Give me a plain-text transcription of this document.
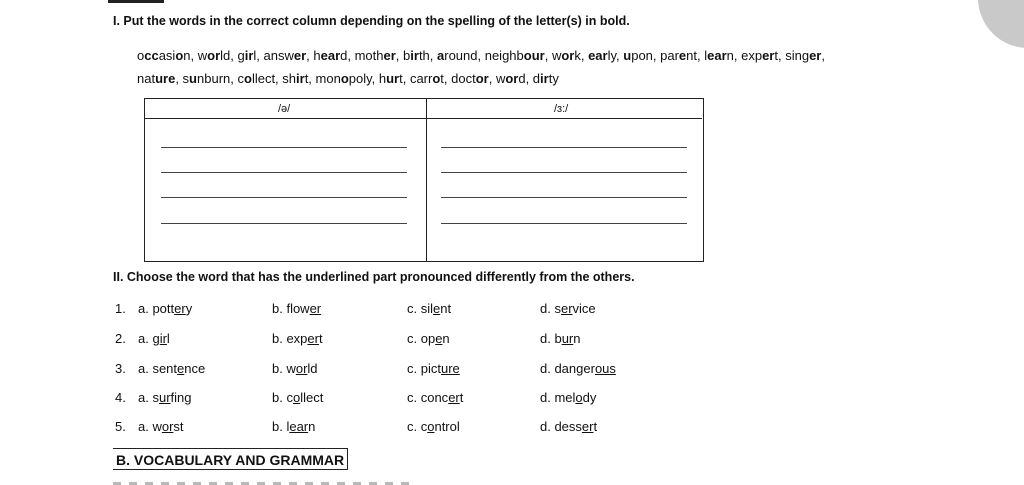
I. Put the words in the correct column depending on the spelling of the letter(s) in bold.
occasion, world, girl, answer, heard, mother, birth, around, neighbour, work, early, upon, parent, learn, expert, singer,
nature, sunburn, collect, shirt, monopoly, hurt, carrot, doctor, word, dirty
/ə/	/ɜ:/
II. Choose the word that has the underlined part pronounced differently from the others.
1. a. pottery	b. flower	c. silent	d. service
2. a. girl	b. expert	c. open	d. burn
3. a. sentence	b. world	c. picture	d. dangerous
4. a. surfing	b. collect	c. concert	d. melody
5. a. worst	b. learn	c. control	d. dessert
B. VOCABULARY AND GRAMMAR
